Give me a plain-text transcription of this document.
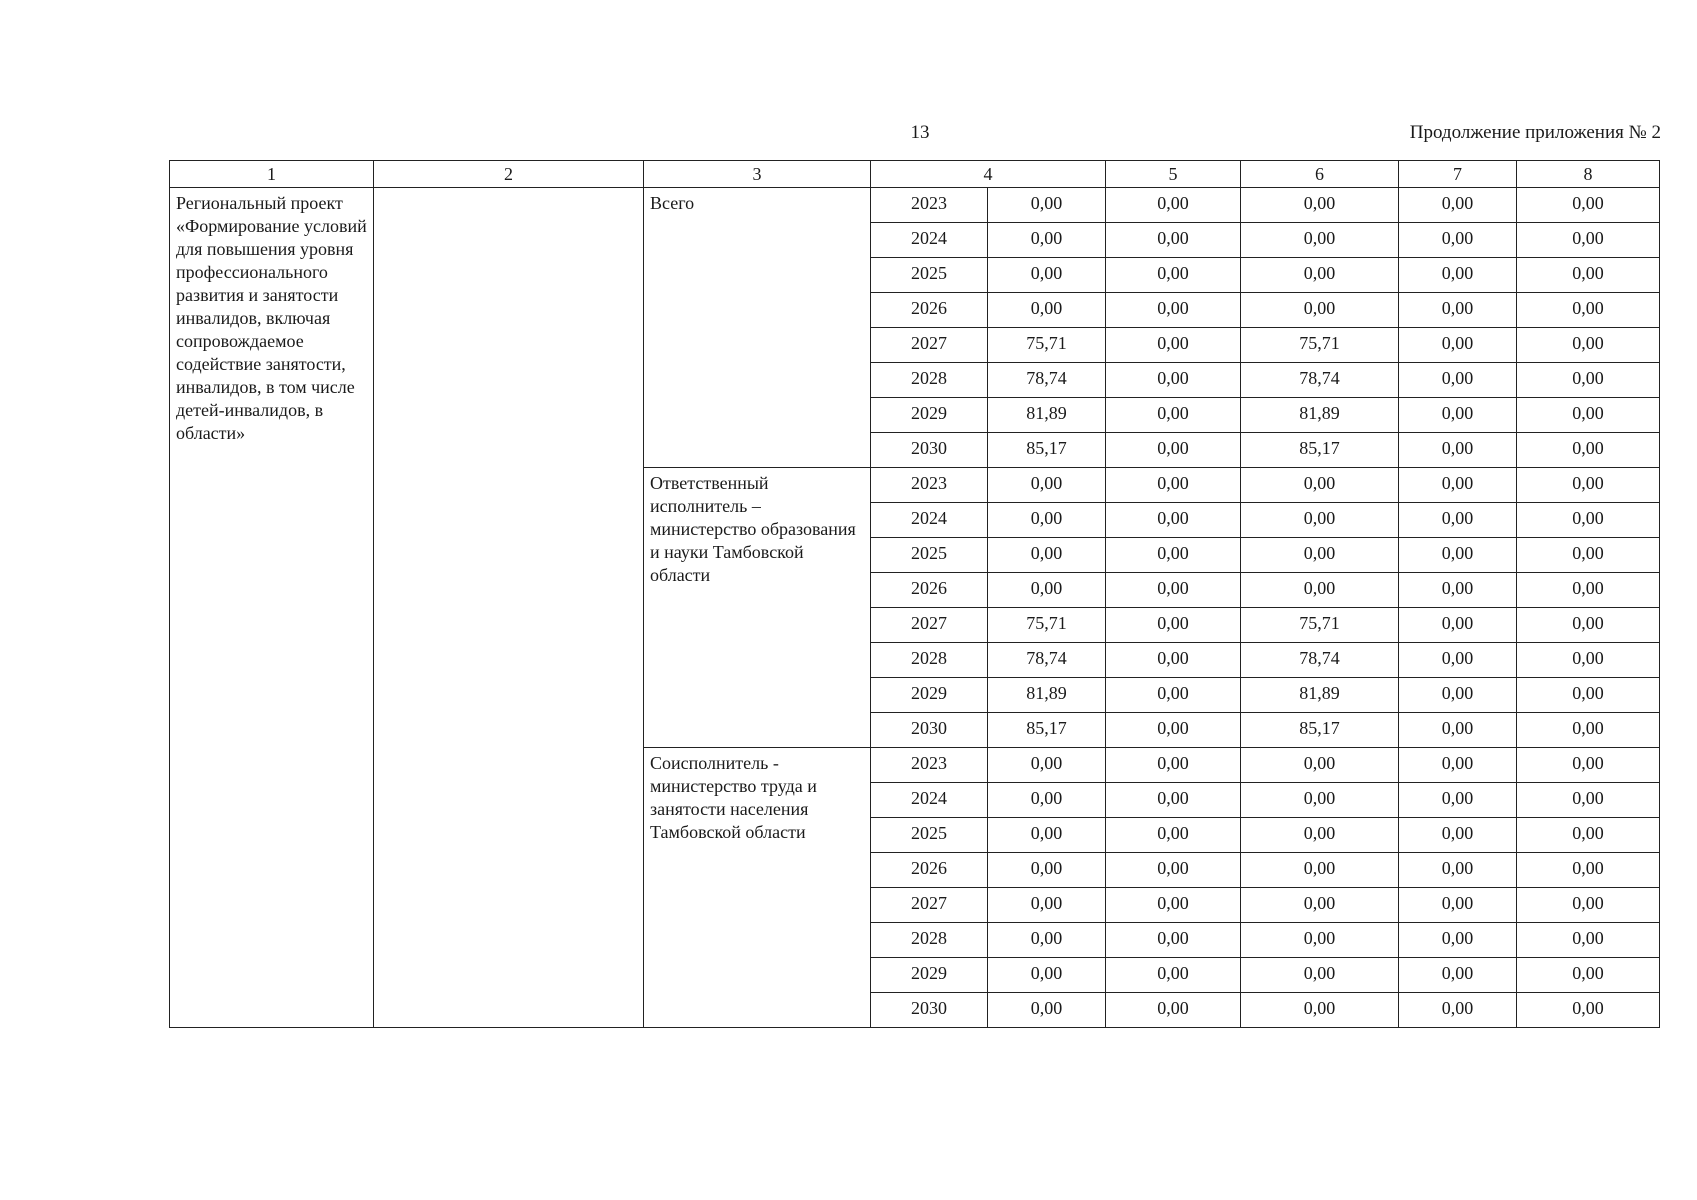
13	Продолжение приложения № 2
1	2	3	4		5	6	7	8
Региональный проект «Формирование условий для повышения уровня профессионального развития и занятости инвалидов, включая сопровождаемое содействие занятости, инвалидов, в том числе детей-инвалидов, в области»		Всего	2023	0,00	0,00	0,00	0,00	0,00
			2024	0,00	0,00	0,00	0,00	0,00
			2025	0,00	0,00	0,00	0,00	0,00
			2026	0,00	0,00	0,00	0,00	0,00
			2027	75,71	0,00	75,71	0,00	0,00
			2028	78,74	0,00	78,74	0,00	0,00
			2029	81,89	0,00	81,89	0,00	0,00
			2030	85,17	0,00	85,17	0,00	0,00
		Ответственный исполнитель – министерство образования и науки Тамбовской области	2023	0,00	0,00	0,00	0,00	0,00
			2024	0,00	0,00	0,00	0,00	0,00
			2025	0,00	0,00	0,00	0,00	0,00
			2026	0,00	0,00	0,00	0,00	0,00
			2027	75,71	0,00	75,71	0,00	0,00
			2028	78,74	0,00	78,74	0,00	0,00
			2029	81,89	0,00	81,89	0,00	0,00
			2030	85,17	0,00	85,17	0,00	0,00
		Соисполнитель - министерство труда и занятости населения Тамбовской области	2023	0,00	0,00	0,00	0,00	0,00
			2024	0,00	0,00	0,00	0,00	0,00
			2025	0,00	0,00	0,00	0,00	0,00
			2026	0,00	0,00	0,00	0,00	0,00
			2027	0,00	0,00	0,00	0,00	0,00
			2028	0,00	0,00	0,00	0,00	0,00
			2029	0,00	0,00	0,00	0,00	0,00
			2030	0,00	0,00	0,00	0,00	0,00
